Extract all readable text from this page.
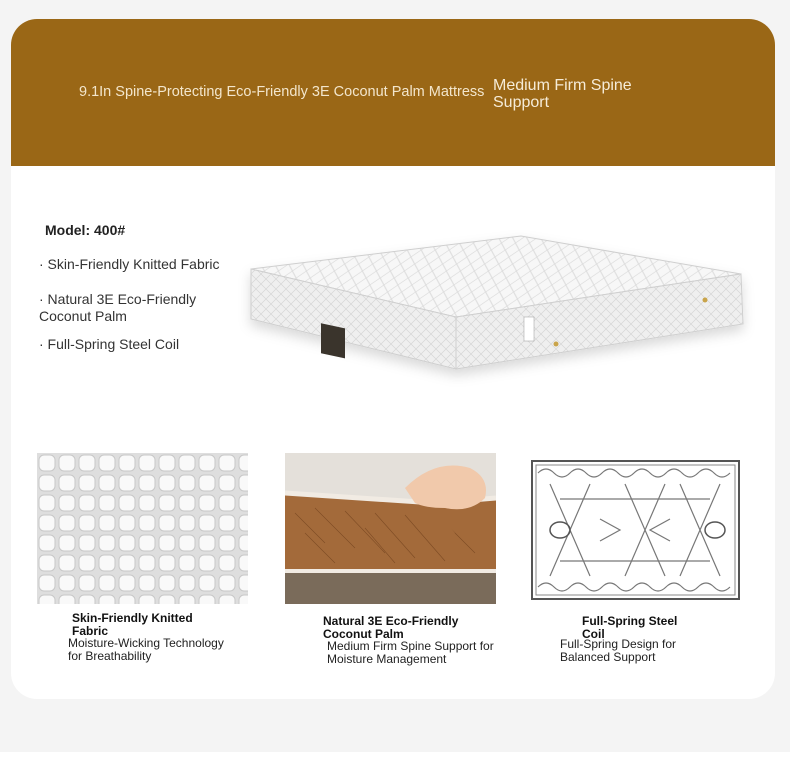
9.1In Spine-Protecting Eco-Friendly 3E Coconut Palm Mattress Medium Firm Spine Support
Model: 400#
· Skin-Friendly Knitted Fabric
· Natural 3E Eco-Friendly Coconut Palm
· Full-Spring Steel Coil
Skin-Friendly Knitted Fabric
Moisture-Wicking Technology for Breathability
Natural 3E Eco-Friendly Coconut Palm
Medium Firm Spine Support for Moisture Management
Full-Spring Steel Coil
Full-Spring Design for Balanced Support
